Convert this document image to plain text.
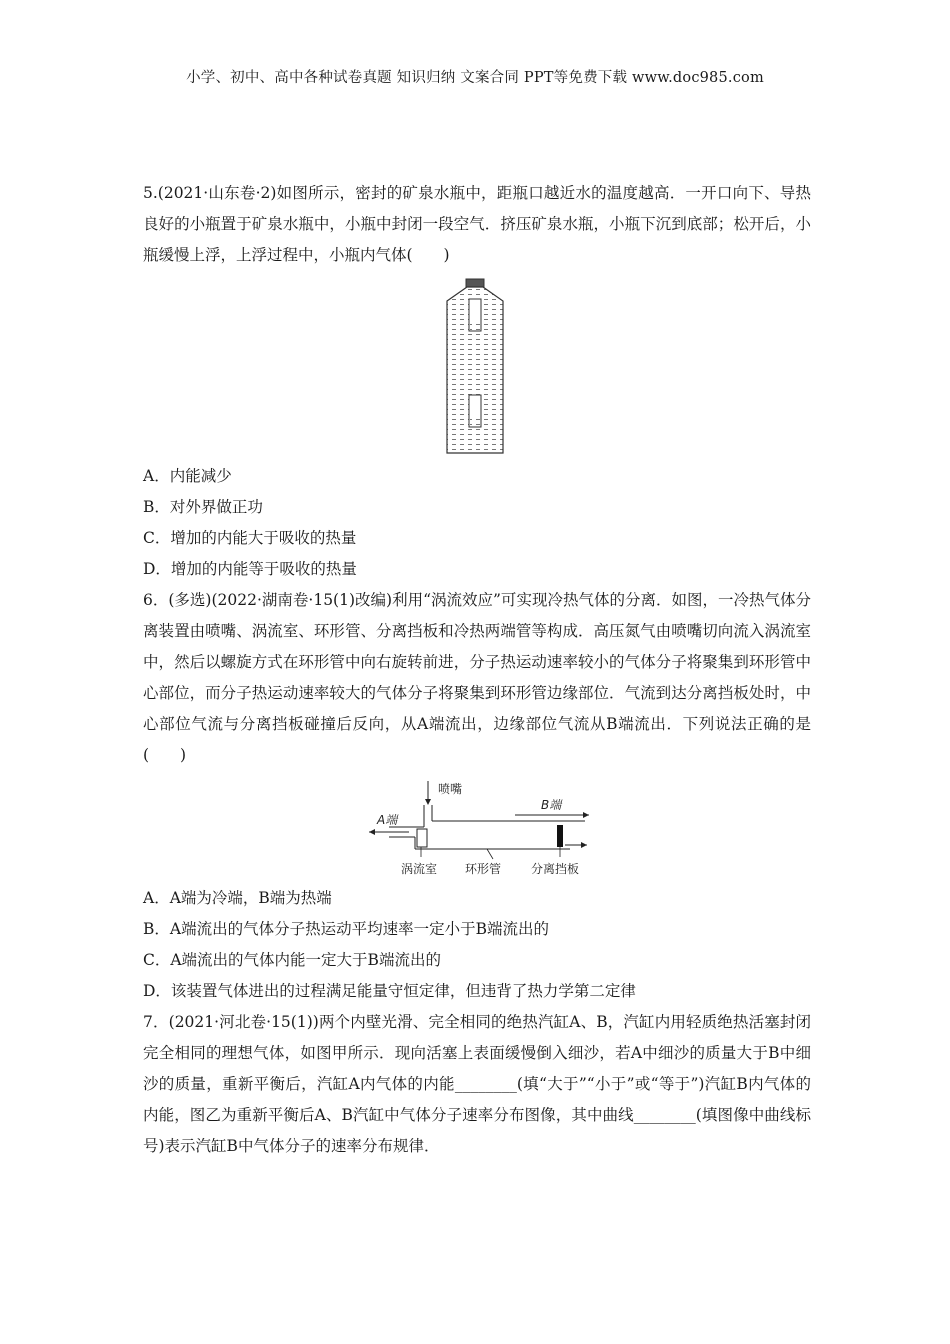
小学、初中、高中各种试卷真题 知识归纳 文案合同 PPT等免费下载 www.doc985.com

5.(2021·山东卷·2)如图所示，密封的矿泉水瓶中，距瓶口越近水的温度越高．一开口向下、导热良好的小瓶置于矿泉水瓶中，小瓶中封闭一段空气．挤压矿泉水瓶，小瓶下沉到底部；松开后，小瓶缓慢上浮，上浮过程中，小瓶内气体(　　)

A．内能减少

B．对外界做正功

C．增加的内能大于吸收的热量

D．增加的内能等于吸收的热量

6．(多选)(2022·湖南卷·15(1)改编)利用“涡流效应”可实现冷热气体的分离．如图，一冷热气体分离装置由喷嘴、涡流室、环形管、分离挡板和冷热两端管等构成．高压氮气由喷嘴切向流入涡流室中，然后以螺旋方式在环形管中向右旋转前进，分子热运动速率较小的气体分子将聚集到环形管中心部位，而分子热运动速率较大的气体分子将聚集到环形管边缘部位．气流到达分离挡板处时，中心部位气流与分离挡板碰撞后反向，从A端流出，边缘部位气流从B端流出．下列说法正确的是(　　)

喷嘴
A端
B端
涡流室 环形管 分离挡板

A．A端为冷端，B端为热端

B．A端流出的气体分子热运动平均速率一定小于B端流出的

C．A端流出的气体内能一定大于B端流出的

D．该装置气体进出的过程满足能量守恒定律，但违背了热力学第二定律

7．(2021·河北卷·15(1))两个内壁光滑、完全相同的绝热汽缸A、B，汽缸内用轻质绝热活塞封闭完全相同的理想气体，如图甲所示．现向活塞上表面缓慢倒入细沙，若A中细沙的质量大于B中细沙的质量，重新平衡后，汽缸A内气体的内能________(填“大于”“小于”或“等于”)汽缸B内气体的内能，图乙为重新平衡后A、B汽缸中气体分子速率分布图像，其中曲线________(填图像中曲线标号)表示汽缸B中气体分子的速率分布规律．
